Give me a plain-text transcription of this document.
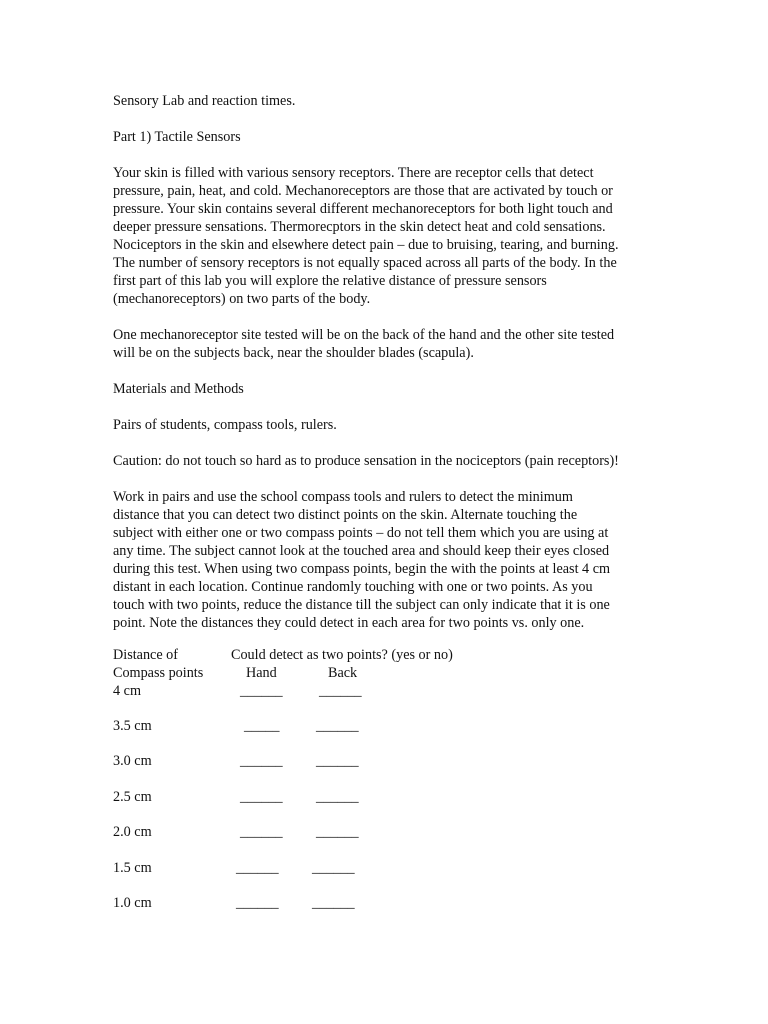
Sensory Lab and reaction times.

Part 1) Tactile Sensors

Your skin is filled with various sensory receptors. There are receptor cells that detect
pressure, pain, heat, and cold. Mechanoreceptors are those that are activated by touch or
pressure. Your skin contains several different mechanoreceptors for both light touch and
deeper pressure sensations. Thermorecptors in the skin detect heat and cold sensations.
Nociceptors in the skin and elsewhere detect pain – due to bruising, tearing, and burning.
The number of sensory receptors is not equally spaced across all parts of the body. In the
first part of this lab you will explore the relative distance of pressure sensors
(mechanoreceptors) on two parts of the body.

One mechanoreceptor site tested will be on the back of the hand and the other site tested
will be on the subjects back, near the shoulder blades (scapula).

Materials and Methods

Pairs of students, compass tools, rulers.

Caution: do not touch so hard as to produce sensation in the nociceptors (pain receptors)!

Work in pairs and use the school compass tools and rulers to detect the minimum
distance that you can detect two distinct points on the skin. Alternate touching the
subject with either one or two compass points – do not tell them which you are using at
any time. The subject cannot look at the touched area and should keep their eyes closed
during this test. When using two compass points, begin the with the points at least 4 cm
distant in each location. Continue randomly touching with one or two points. As you
touch with two points, reduce the distance till the subject can only indicate that it is one
point. Note the distances they could detect in each area for two points vs. only one.

Distance of	Could detect as two points? (yes or no)
Compass points	Hand	Back
4 cm	______	______
3.5 cm	_____	______
3.0 cm	______ ______
2.5 cm	______ ______
2.0 cm	______ ______
1.5 cm	______ ______
1.0 cm	______ ______
